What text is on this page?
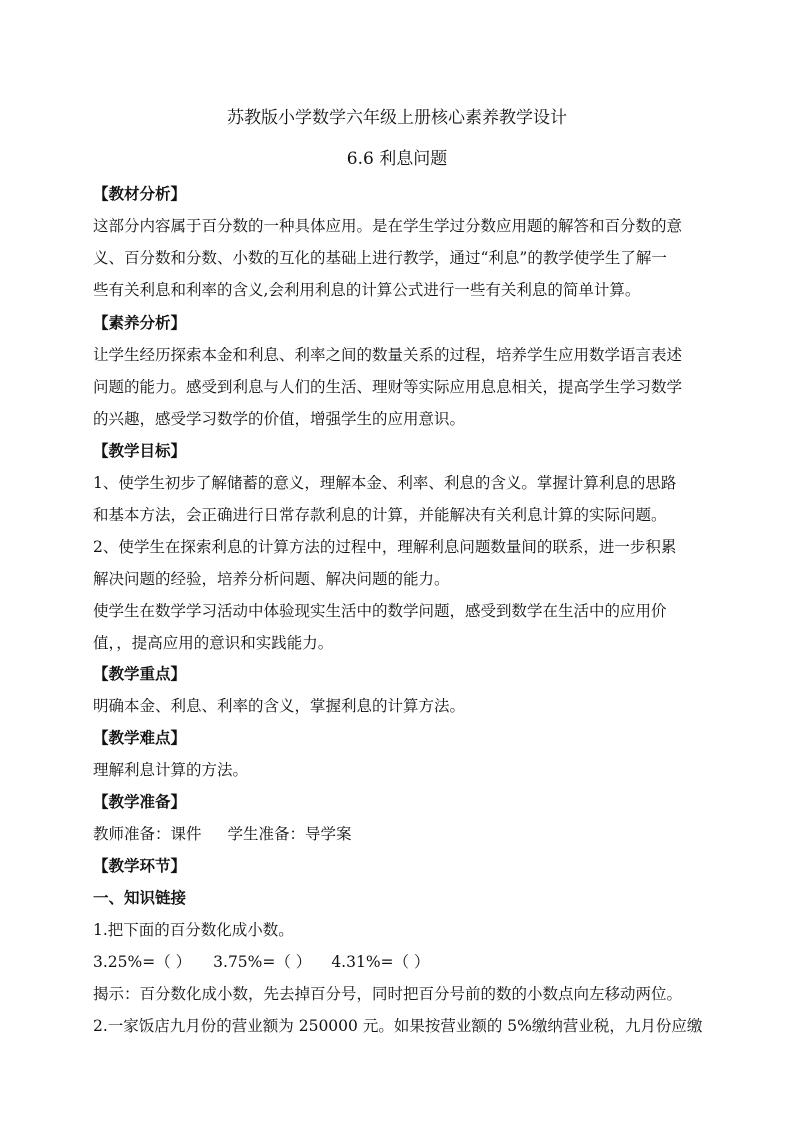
苏教版小学数学六年级上册核心素养教学设计
6.6 利息问题
【教材分析】
这部分内容属于百分数的一种具体应用。是在学生学过分数应用题的解答和百分数的意
义、百分数和分数、小数的互化的基础上进行教学，通过“利息”的教学使学生了解一
些有关利息和利率的含义,会利用利息的计算公式进行一些有关利息的简单计算。
【素养分析】
让学生经历探索本金和利息、利率之间的数量关系的过程，培养学生应用数学语言表述
问题的能力。感受到利息与人们的生活、理财等实际应用息息相关，提高学生学习数学
的兴趣，感受学习数学的价值，增强学生的应用意识。
【教学目标】
1、使学生初步了解储蓄的意义，理解本金、利率、利息的含义。掌握计算利息的思路
和基本方法，会正确进行日常存款利息的计算，并能解决有关利息计算的实际问题。
2、使学生在探索利息的计算方法的过程中，理解利息问题数量间的联系，进一步积累
解决问题的经验，培养分析问题、解决问题的能力。
使学生在数学学习活动中体验现实生活中的数学问题，感受到数学在生活中的应用价
值，，提高应用的意识和实践能力。
【教学重点】
明确本金、利息、利率的含义，掌握利息的计算方法。
【教学难点】
理解利息计算的方法。
【教学准备】
教师准备：课件 学生准备：导学案
【教学环节】
一、知识链接
1.把下面的百分数化成小数。
3.25%=（ ） 3.75%=（ ） 4.31%=（ ）
揭示：百分数化成小数，先去掉百分号，同时把百分号前的数的小数点向左移动两位。
2.一家饭店九月份的营业额为 250000 元。如果按营业额的 5%缴纳营业税，九月份应缴
